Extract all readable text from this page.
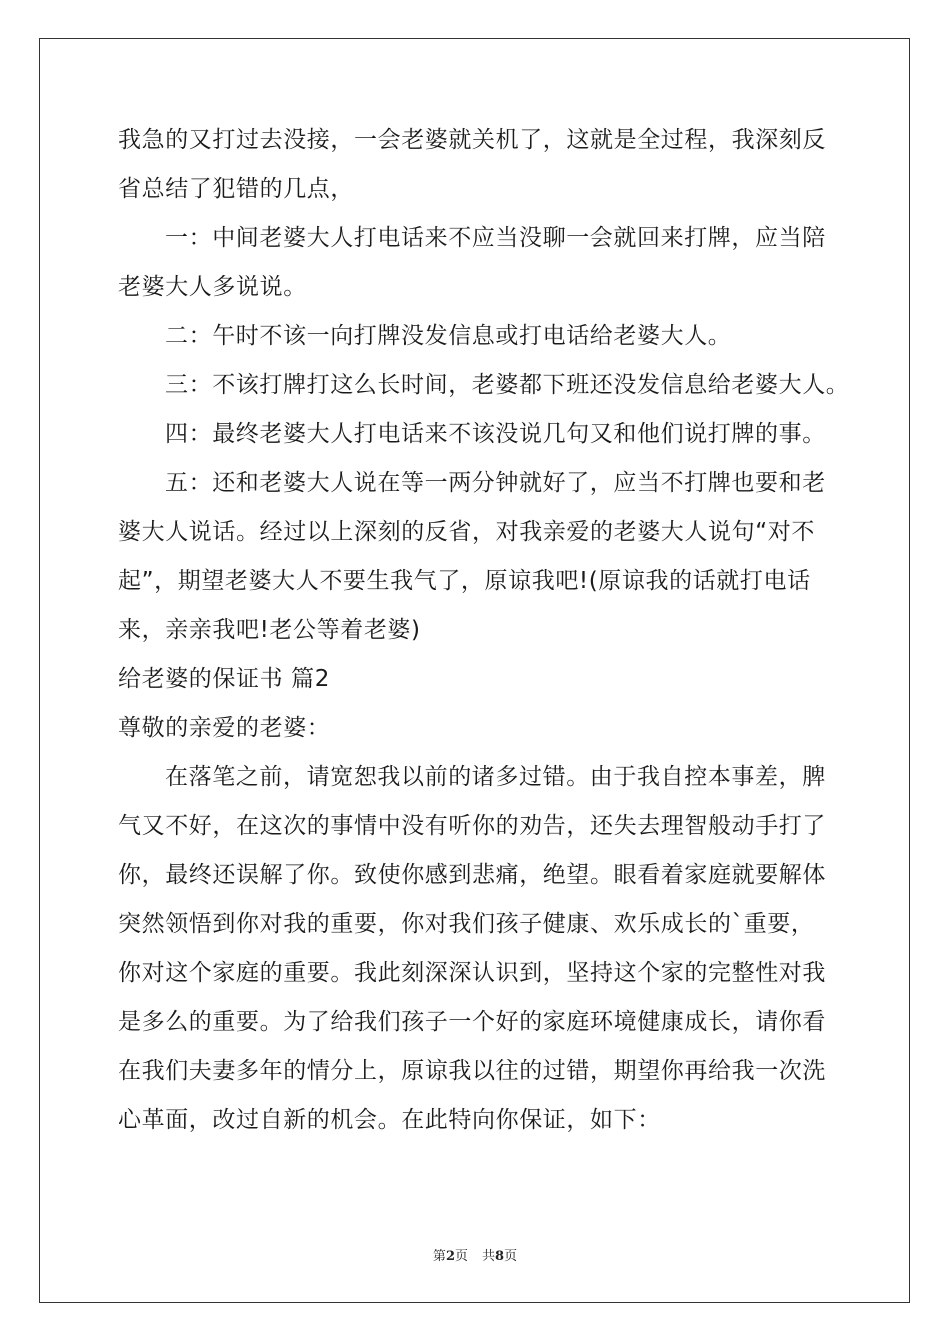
我急的又打过去没接，一会老婆就关机了，这就是全过程，我深刻反
省总结了犯错的几点，
一：中间老婆大人打电话来不应当没聊一会就回来打牌，应当陪
老婆大人多说说。
二：午时不该一向打牌没发信息或打电话给老婆大人。
三：不该打牌打这么长时间，老婆都下班还没发信息给老婆大人。
四：最终老婆大人打电话来不该没说几句又和他们说打牌的事。
五：还和老婆大人说在等一两分钟就好了，应当不打牌也要和老
婆大人说话。经过以上深刻的反省，对我亲爱的老婆大人说句“对不
起”，期望老婆大人不要生我气了，原谅我吧!(原谅我的话就打电话
来，亲亲我吧!老公等着老婆)
给老婆的保证书 篇2
尊敬的亲爱的老婆：
在落笔之前，请宽恕我以前的诸多过错。由于我自控本事差，脾
气又不好，在这次的事情中没有听你的劝告，还失去理智般动手打了
你，最终还误解了你。致使你感到悲痛，绝望。眼看着家庭就要解体
突然领悟到你对我的重要，你对我们孩子健康、欢乐成长的`重要，
你对这个家庭的重要。我此刻深深认识到，坚持这个家的完整性对我
是多么的重要。为了给我们孩子一个好的家庭环境健康成长，请你看
在我们夫妻多年的情分上，原谅我以往的过错，期望你再给我一次洗
心革面，改过自新的机会。在此特向你保证，如下：
第2页 共8页
